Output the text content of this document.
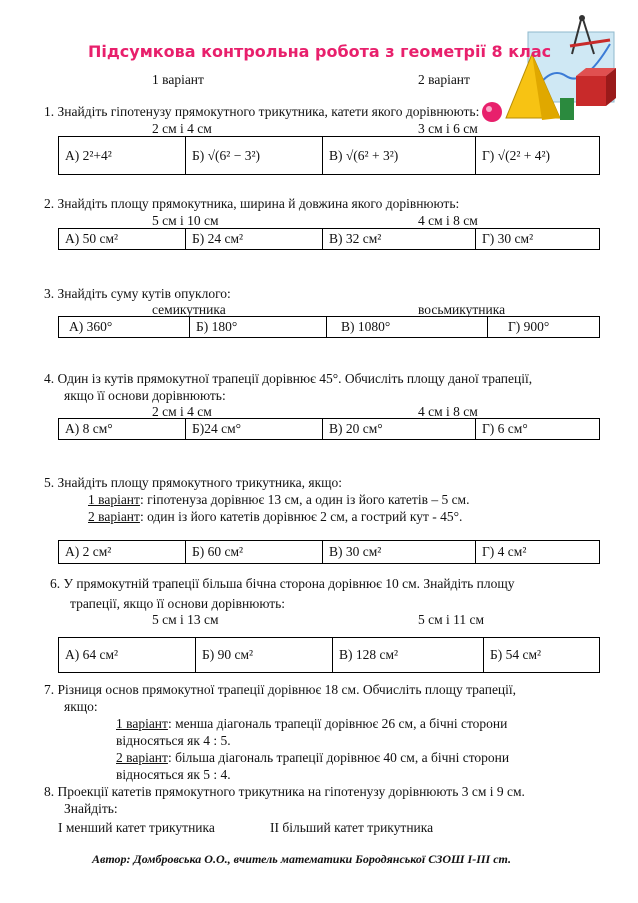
Підсумкова контрольна робота з геометрії 8 клас
1 варіант	2 варіант
1. Знайдіть гіпотенузу прямокутного трикутника, катети якого дорівнюють:
2 см і 4 см	3 см і 6 см
А) 2²+4²	Б) √(6² − 3²)	В) √(6² + 3²)	Г) √(2² + 4²)
2. Знайдіть площу прямокутника, ширина й довжина якого дорівнюють:
5 см і 10 см	4 см і 8 см
А) 50 см²	Б) 24 см²	В) 32 см²	Г) 30 см²
3. Знайдіть суму кутів опуклого:
семикутника	восьмикутника
А) 360°	Б) 180°	В) 1080°	Г) 900°
4. Один із кутів прямокутної трапеції дорівнює 45°. Обчисліть площу даної трапеції,
якщо її основи дорівнюють:
2 см і 4 см	4 см і 8 см
А) 8 см°	Б)24 см°	В) 20 см°	Г) 6 см°
5. Знайдіть площу прямокутного трикутника, якщо:
1 варіант: гіпотенуза дорівнює 13 см, а один із його катетів – 5 см.
2 варіант: один із його катетів дорівнює 2 см, а гострий кут - 45°.
А) 2 см²	Б) 60 см²	В) 30 см²	Г) 4 см²
6. У прямокутній трапеції більша бічна сторона дорівнює 10 см. Знайдіть площу
трапеції, якщо її основи дорівнюють:
5 см і 13 см	5 см і 11 см
А) 64 см²	Б) 90 см²	В) 128 см²	Б) 54 см²
7. Різниця основ прямокутної трапеції дорівнює 18 см. Обчисліть площу трапеції,
якщо:
1 варіант: менша діагональ трапеції дорівнює 26 см, а бічні сторони
відносяться як 4 : 5.
2 варіант: більша діагональ трапеції дорівнює 40 см, а бічні сторони
відносяться як 5 : 4.
8. Проекції катетів прямокутного трикутника на гіпотенузу дорівнюють 3 см і 9 см.
Знайдіть:
І менший катет трикутника	ІІ більший катет трикутника
Автор: Домбровська О.О., вчитель математики Бородянської СЗОШ І-ІІІ ст.
